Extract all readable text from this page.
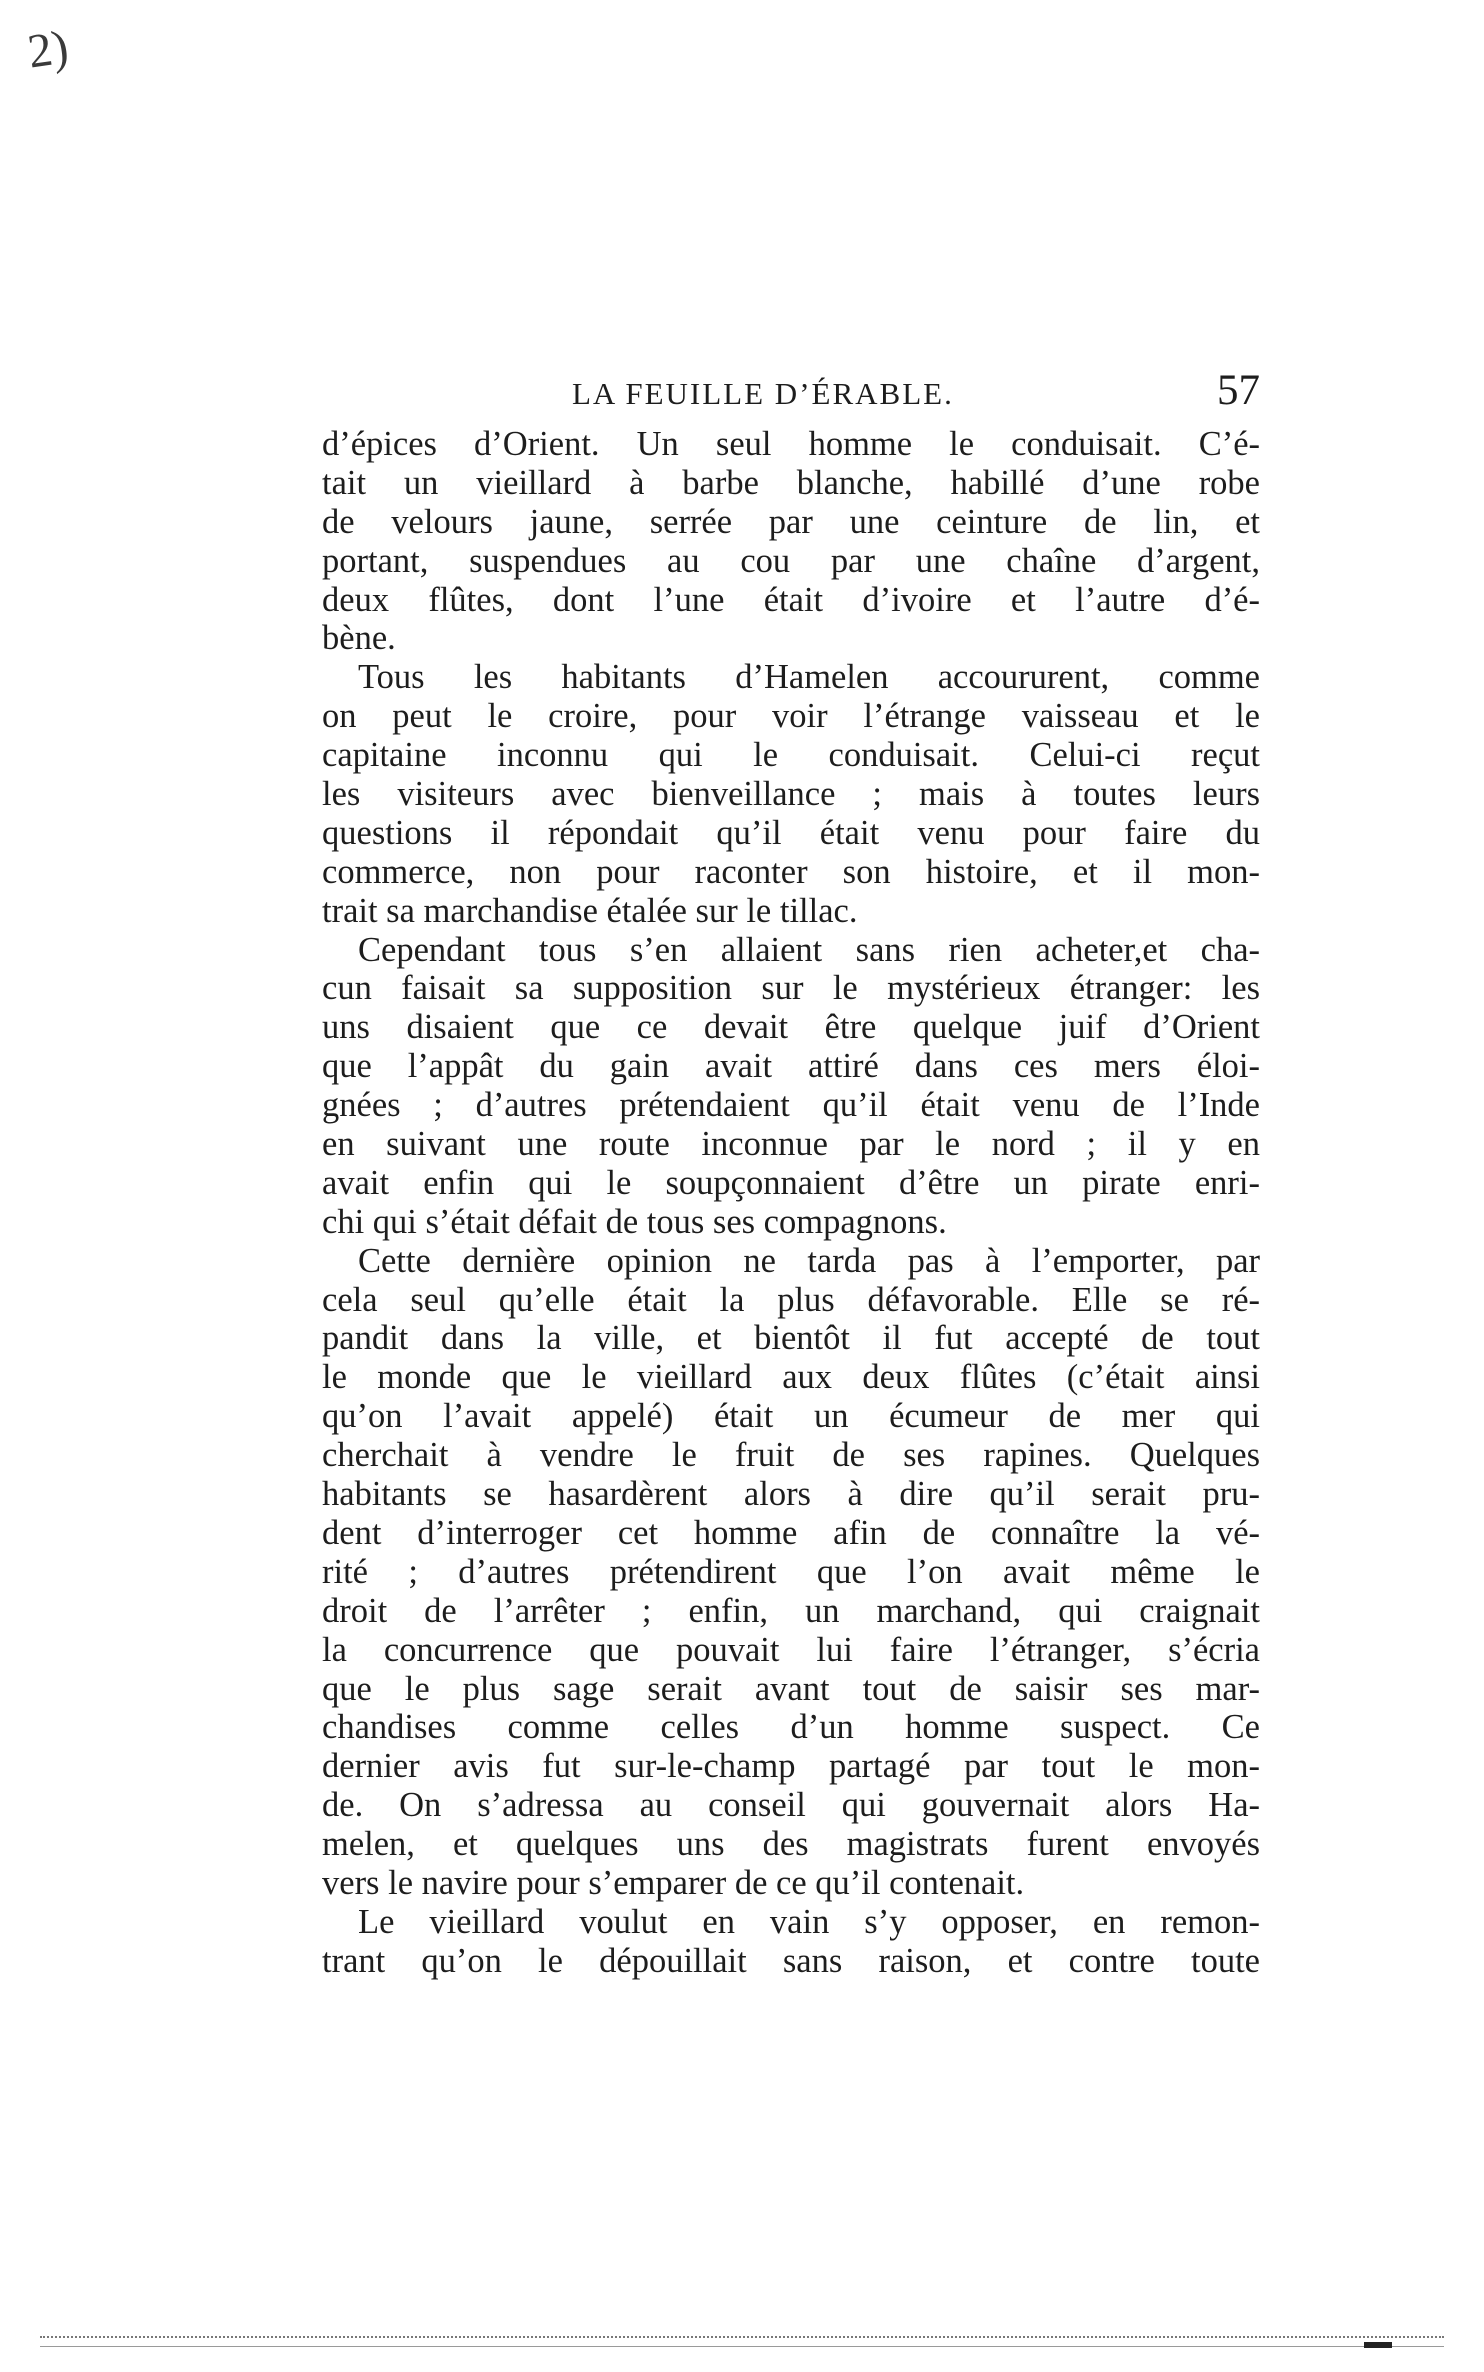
2)
LA FEUILLE D’ÉRABLE.	57
d’épices d’Orient. Un seul homme le conduisait. C’é-
tait un vieillard à barbe blanche, habillé d’une robe
de velours jaune, serrée par une ceinture de lin, et
portant, suspendues au cou par une chaîne d’argent,
deux flûtes, dont l’une était d’ivoire et l’autre d’é-
bène.
Tous les habitants d’Hamelen accoururent, comme
on peut le croire, pour voir l’étrange vaisseau et le
capitaine inconnu qui le conduisait. Celui-ci reçut
les visiteurs avec bienveillance ; mais à toutes leurs
questions il répondait qu’il était venu pour faire du
commerce, non pour raconter son histoire, et il mon-
trait sa marchandise étalée sur le tillac.
Cependant tous s’en allaient sans rien acheter,et cha-
cun faisait sa supposition sur le mystérieux étranger: les
uns disaient que ce devait être quelque juif d’Orient
que l’appât du gain avait attiré dans ces mers éloi-
gnées ; d’autres prétendaient qu’il était venu de l’Inde
en suivant une route inconnue par le nord ; il y en
avait enfin qui le soupçonnaient d’être un pirate enri-
chi qui s’était défait de tous ses compagnons.
Cette dernière opinion ne tarda pas à l’emporter, par
cela seul qu’elle était la plus défavorable. Elle se ré-
pandit dans la ville, et bientôt il fut accepté de tout
le monde que le vieillard aux deux flûtes (c’était ainsi
qu’on l’avait appelé) était un écumeur de mer qui
cherchait à vendre le fruit de ses rapines. Quelques
habitants se hasardèrent alors à dire qu’il serait pru-
dent d’interroger cet homme afin de connaître la vé-
rité ; d’autres prétendirent que l’on avait même le
droit de l’arrêter ; enfin, un marchand, qui craignait
la concurrence que pouvait lui faire l’étranger, s’écria
que le plus sage serait avant tout de saisir ses mar-
chandises comme celles d’un homme suspect. Ce
dernier avis fut sur-le-champ partagé par tout le mon-
de. On s’adressa au conseil qui gouvernait alors Ha-
melen, et quelques uns des magistrats furent envoyés
vers le navire pour s’emparer de ce qu’il contenait.
Le vieillard voulut en vain s’y opposer, en remon-
trant qu’on le dépouillait sans raison, et contre toute
